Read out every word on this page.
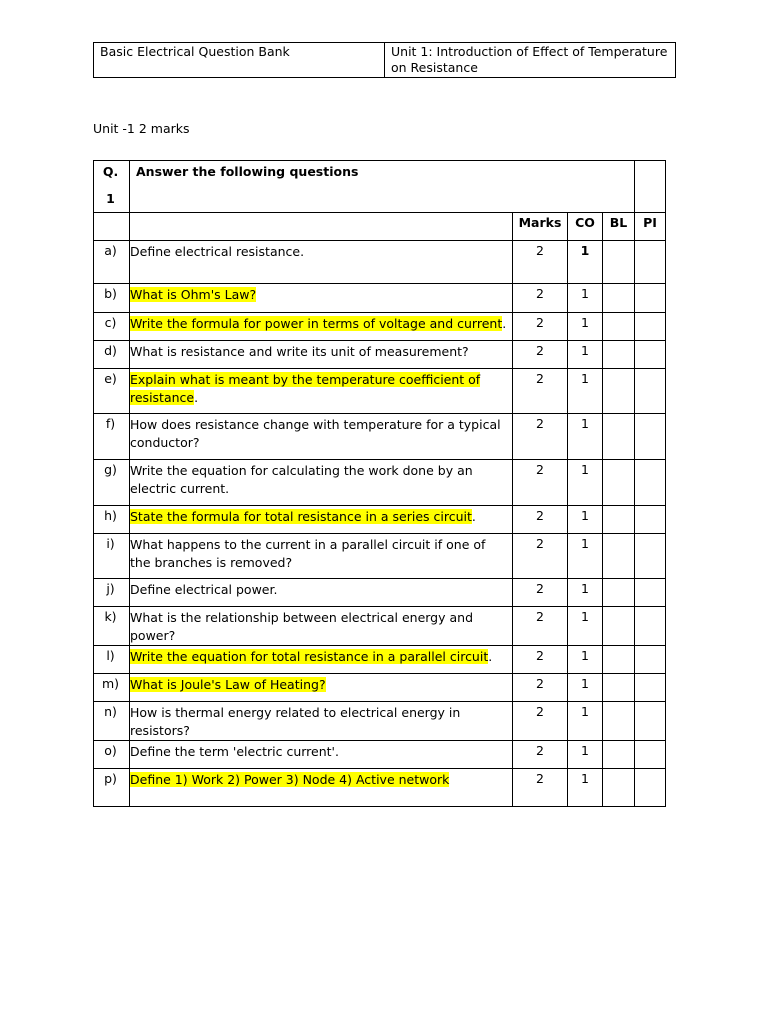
Basic Electrical Question Bank	Unit 1: Introduction of Effect of Temperature on Resistance
Unit -1 2 marks
Q.
1	Answer the following questions				
		Marks	CO	BL	PI
a)	Define electrical resistance.	2	1		
b)	What is Ohm's Law?	2	1		
c)	Write the formula for power in terms of voltage and current.	2	1		
d)	What is resistance and write its unit of measurement?	2	1		
e)	Explain what is meant by the temperature coefficient of resistance.	2	1		
f)	How does resistance change with temperature for a typical conductor?	2	1		
g)	Write the equation for calculating the work done by an electric current.	2	1		
h)	State the formula for total resistance in a series circuit.	2	1		
i)	What happens to the current in a parallel circuit if one of the branches is removed?	2	1		
j)	Define electrical power.	2	1		
k)	What is the relationship between electrical energy and power?	2	1		
l)	Write the equation for total resistance in a parallel circuit.	2	1		
m)	What is Joule's Law of Heating?	2	1		
n)	How is thermal energy related to electrical energy in resistors?	2	1		
o)	Define the term 'electric current'.	2	1		
p)	Define 1) Work 2) Power 3) Node 4) Active network	2	1		
